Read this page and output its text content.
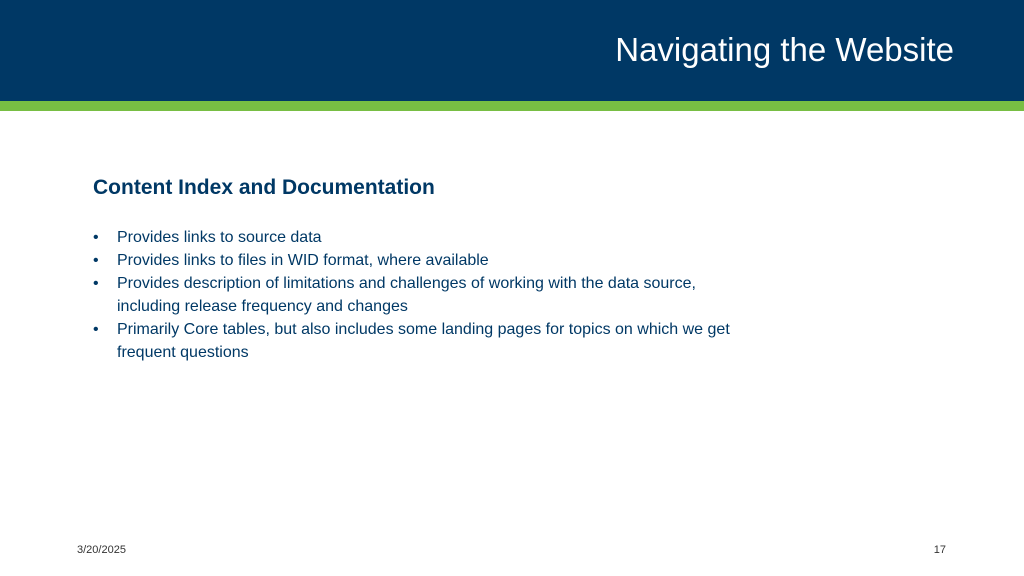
Navigating the Website
Content Index and Documentation
•	Provides links to source data
•	Provides links to files in WID format, where available
•	Provides description of limitations and challenges of working with the data source, including release frequency and changes
•	Primarily Core tables, but also includes some landing pages for topics on which we get frequent questions
3/20/2025	17
